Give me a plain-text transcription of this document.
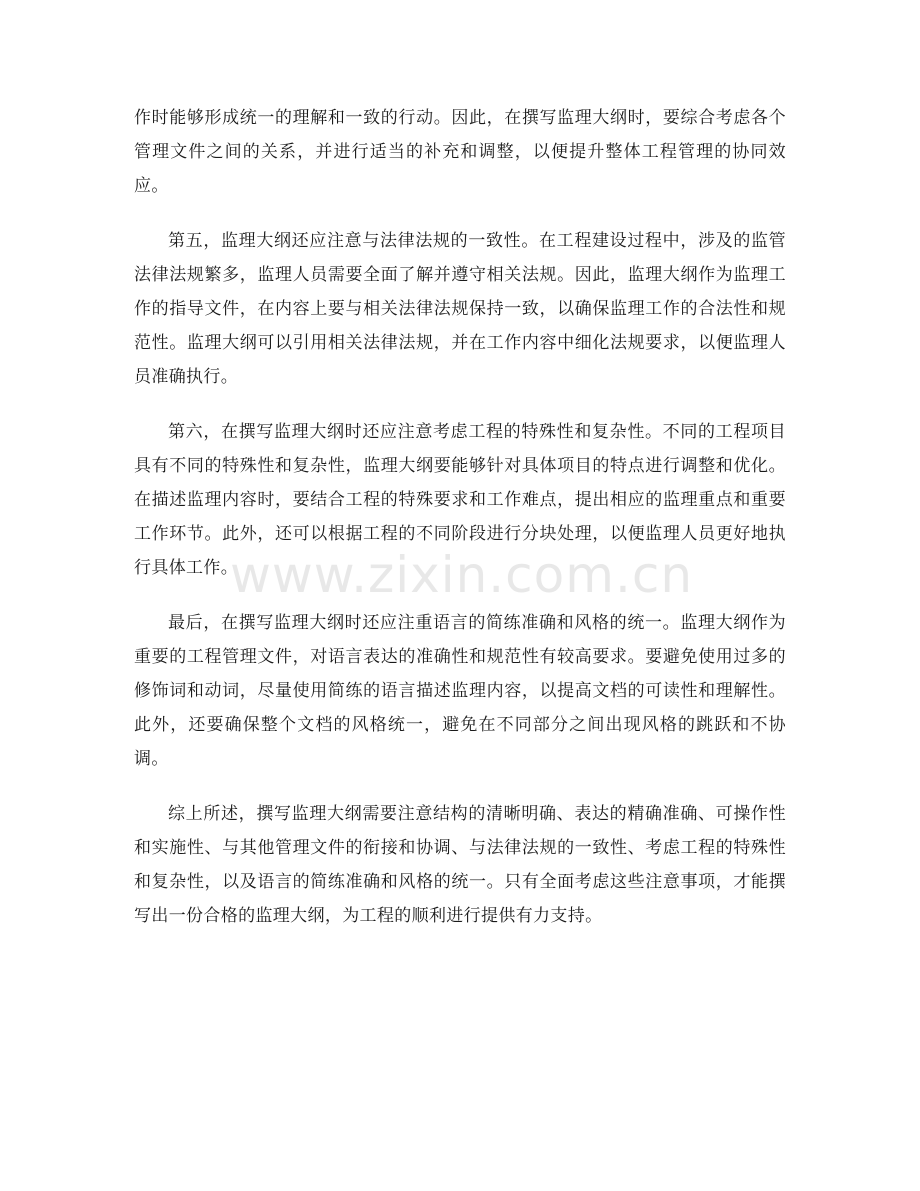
作时能够形成统一的理解和一致的行动。因此，在撰写监理大纲时，要综合考虑各个管理文件之间的关系，并进行适当的补充和调整，以便提升整体工程管理的协同效应。

第五，监理大纲还应注意与法律法规的一致性。在工程建设过程中，涉及的监管法律法规繁多，监理人员需要全面了解并遵守相关法规。因此，监理大纲作为监理工作的指导文件，在内容上要与相关法律法规保持一致，以确保监理工作的合法性和规范性。监理大纲可以引用相关法律法规，并在工作内容中细化法规要求，以便监理人员准确执行。

第六，在撰写监理大纲时还应注意考虑工程的特殊性和复杂性。不同的工程项目具有不同的特殊性和复杂性，监理大纲要能够针对具体项目的特点进行调整和优化。在描述监理内容时，要结合工程的特殊要求和工作难点，提出相应的监理重点和重要工作环节。此外，还可以根据工程的不同阶段进行分块处理，以便监理人员更好地执行具体工作。

最后，在撰写监理大纲时还应注重语言的简练准确和风格的统一。监理大纲作为重要的工程管理文件，对语言表达的准确性和规范性有较高要求。要避免使用过多的修饰词和动词，尽量使用简练的语言描述监理内容，以提高文档的可读性和理解性。此外，还要确保整个文档的风格统一，避免在不同部分之间出现风格的跳跃和不协调。

综上所述，撰写监理大纲需要注意结构的清晰明确、表达的精确准确、可操作性和实施性、与其他管理文件的衔接和协调、与法律法规的一致性、考虑工程的特殊性和复杂性，以及语言的简练准确和风格的统一。只有全面考虑这些注意事项，才能撰写出一份合格的监理大纲，为工程的顺利进行提供有力支持。

www.zixin.com.cn
